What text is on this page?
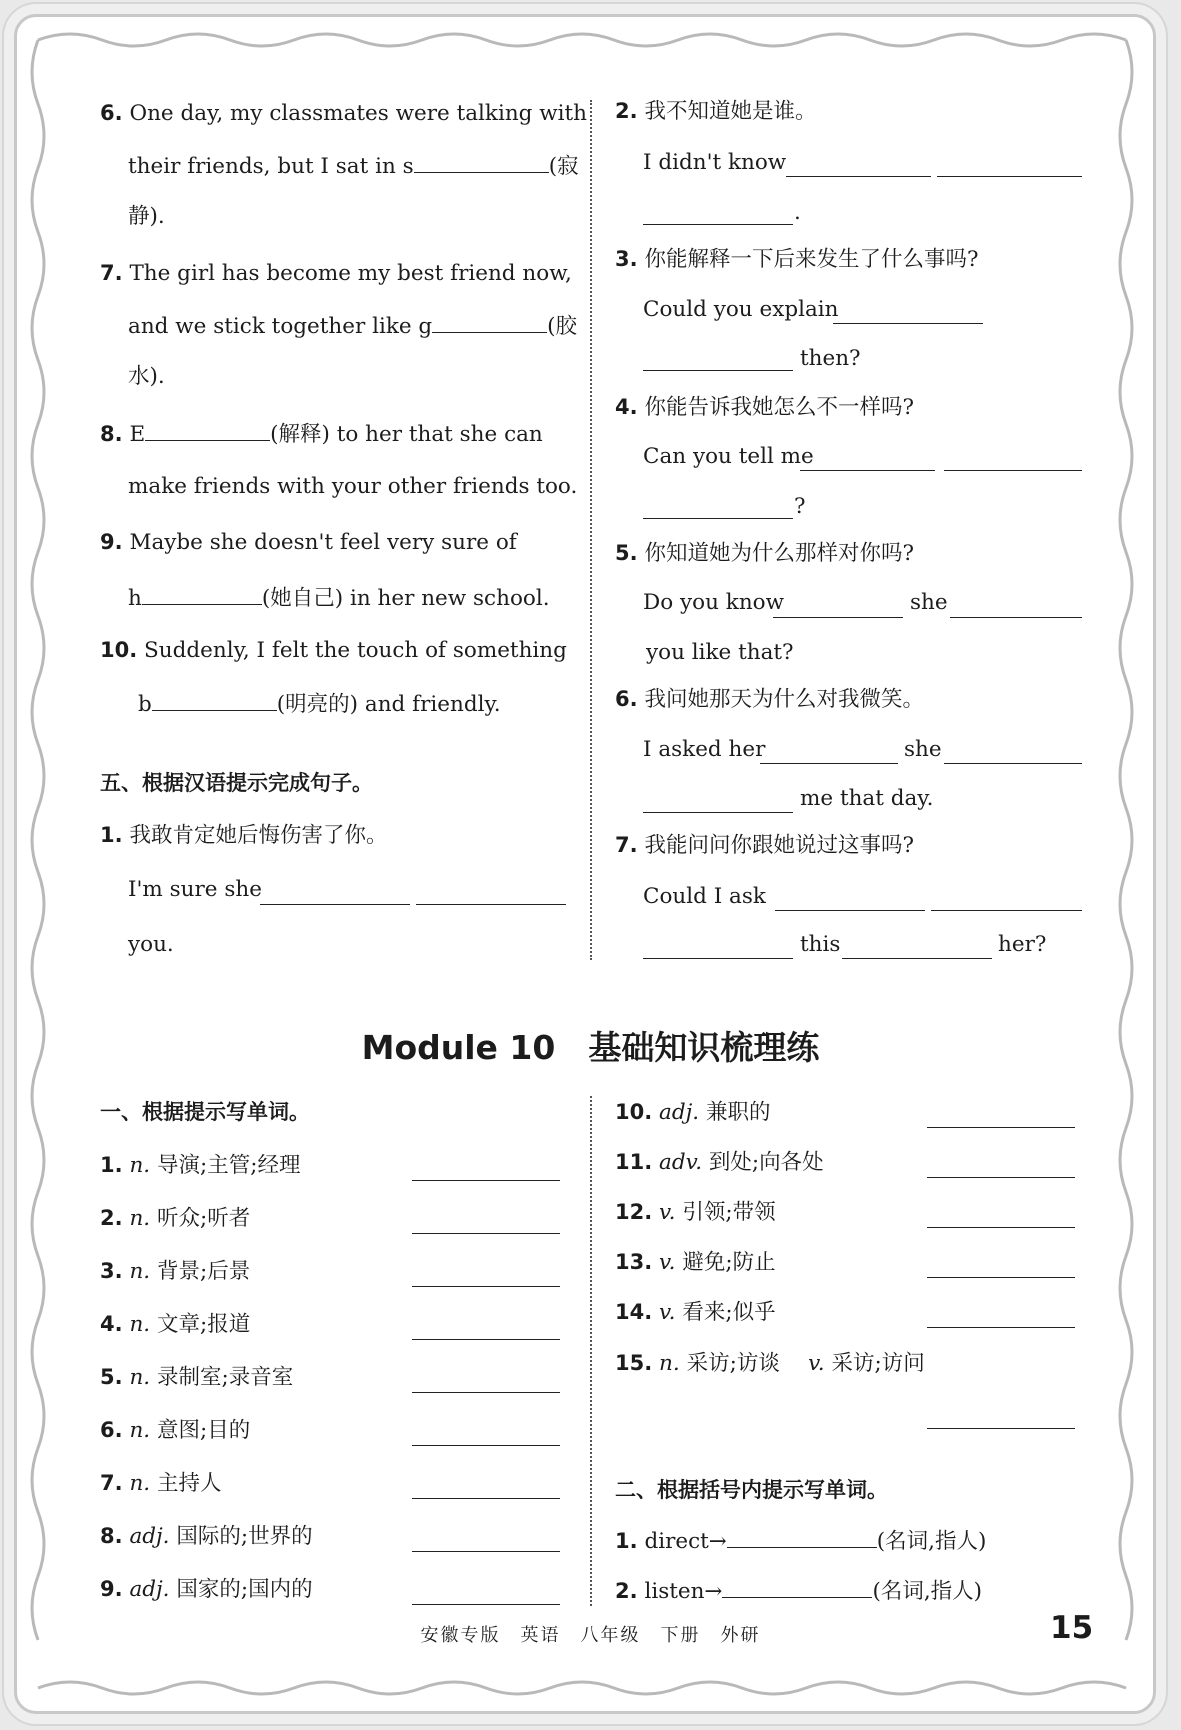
6. One day, my classmates were talking with
their friends, but I sat in s	(寂
静).
7. The girl has become my best friend now,
and we stick together like g	(胶
水).
8. E	(解释) to her that she can
make friends with your other friends too.
9. Maybe she doesn't feel very sure of
h	(她自己) in her new school.
10. Suddenly, I felt the touch of something
b	(明亮的) and friendly.
五、根据汉语提示完成句子。
1. 我敢肯定她后悔伤害了你。
I'm sure she
you.
2. 我不知道她是谁。
I didn't know
.
3. 你能解释一下后来发生了什么事吗?
Could you explain
then?
4. 你能告诉我她怎么不一样吗?
Can you tell me
?
5. 你知道她为什么那样对你吗?
Do you know	she
you like that?
6. 我问她那天为什么对我微笑。
I asked her	she
me that day.
7. 我能问问你跟她说过这事吗?
Could I ask
this	her?
Module 10　基础知识梳理练
一、根据提示写单词。
1. n. 导演;主管;经理
2. n. 听众;听者
3. n. 背景;后景
4. n. 文章;报道
5. n. 录制室;录音室
6. n. 意图;目的
7. n. 主持人
8. adj. 国际的;世界的
9. adj. 国家的;国内的
10. adj. 兼职的
11. adv. 到处;向各处
12. v. 引领;带领
13. v. 避免;防止
14. v. 看来;似乎
15. n. 采访;访谈　 v. 采访;访问
二、根据括号内提示写单词。
1. direct→	(名词,指人)
2. listen→	(名词,指人)
安徽专版　英语　八年级　下册　外研	15
